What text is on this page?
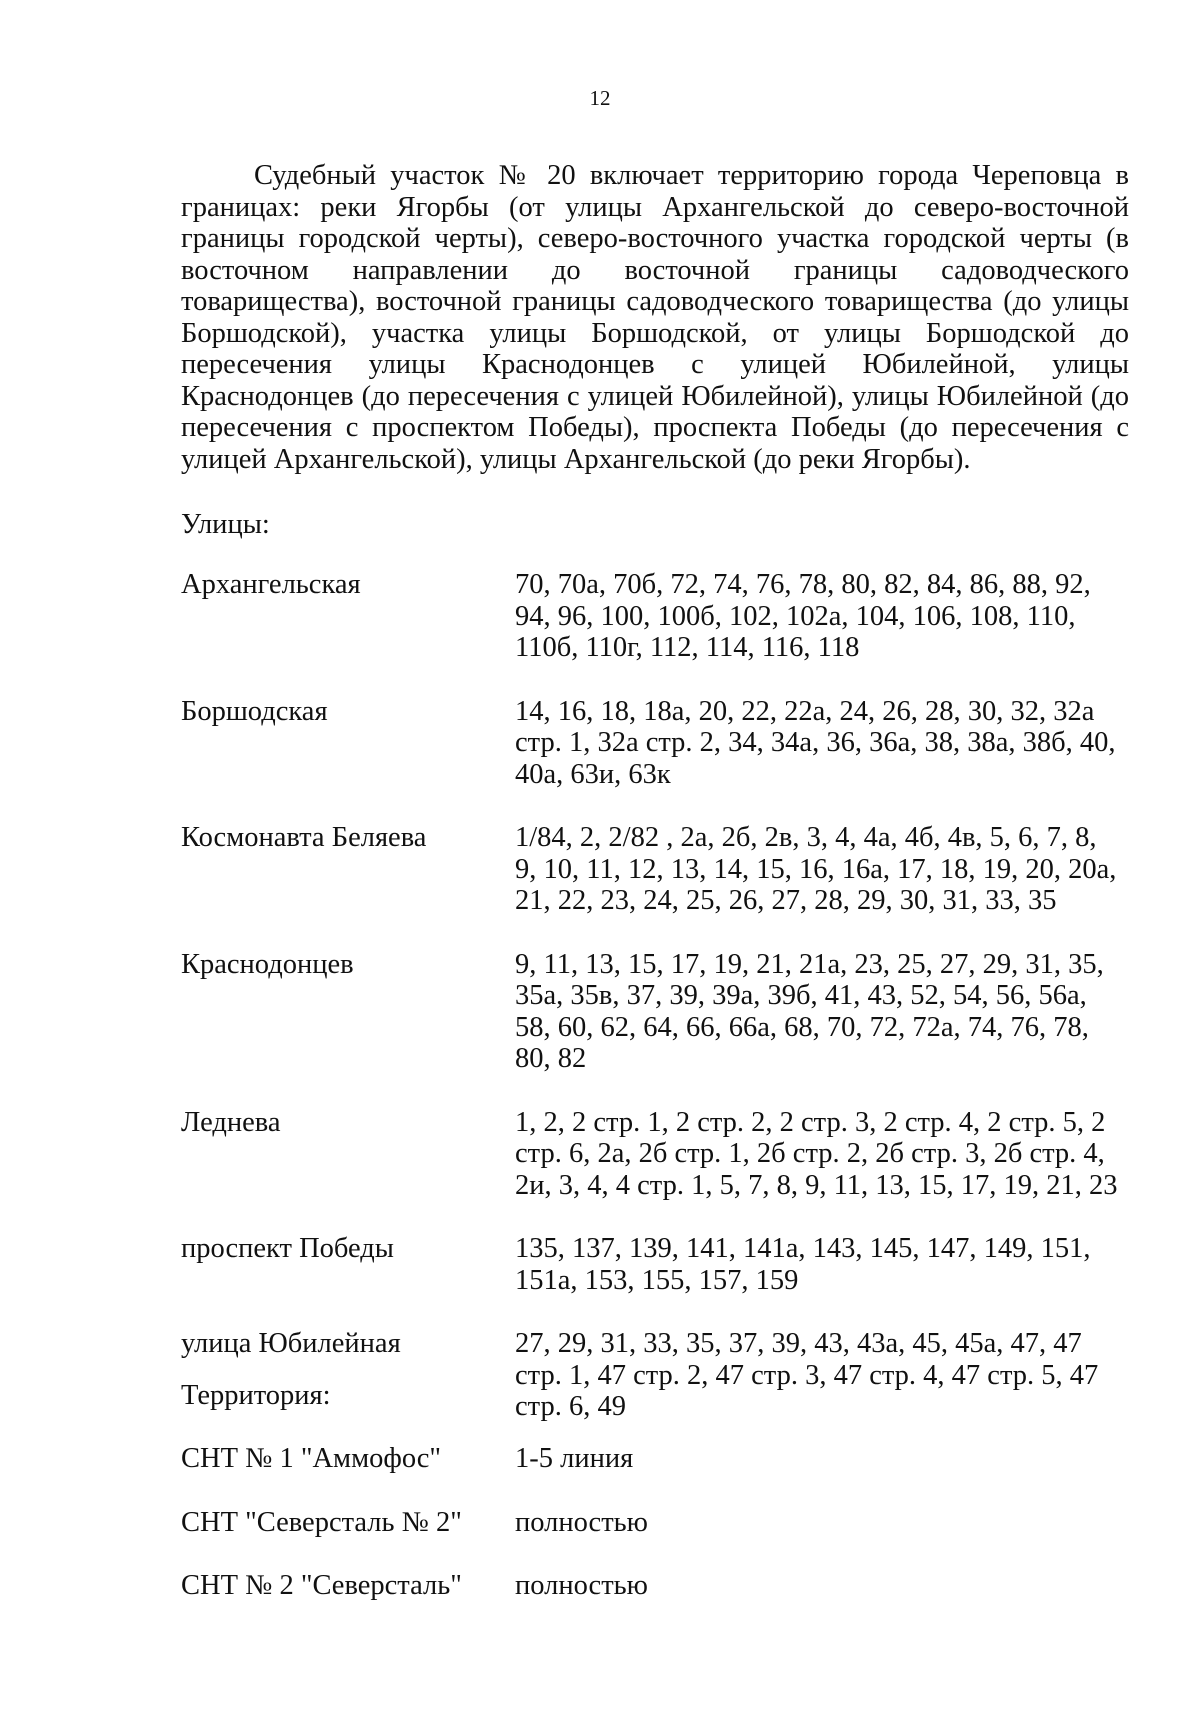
12

Судебный участок № 20 включает территорию города Череповца в границах: реки Ягорбы (от улицы Архангельской до северо-восточной границы городской черты), северо-восточного участка городской черты (в восточном направлении до восточной границы садоводческого товарищества), восточной границы садоводческого товарищества (до улицы Боршодской), участка улицы Боршодской, от улицы Боршодской до пересечения улицы Краснодонцев с улицей Юбилейной, улицы Краснодонцев (до пересечения с улицей Юбилейной), улицы Юбилейной (до пересечения с проспектом Победы), проспекта Победы (до пересечения с улицей Архангельской), улицы Архангельской (до реки Ягорбы).

Улицы:
Архангельская	70, 70а, 70б, 72, 74, 76, 78, 80, 82, 84, 86, 88, 92, 94, 96, 100, 100б, 102, 102а, 104, 106, 108, 110, 110б, 110г, 112, 114, 116, 118
Боршодская	14, 16, 18, 18а, 20, 22, 22а, 24, 26, 28, 30, 32, 32а стр. 1, 32а стр. 2, 34, 34а, 36, 36а, 38, 38а, 38б, 40, 40а, 63и, 63к
Космонавта Беляева	1/84, 2, 2/82 , 2а, 2б, 2в, 3, 4, 4а, 4б, 4в, 5, 6, 7, 8, 9, 10, 11, 12, 13, 14, 15, 16, 16а, 17, 18, 19, 20, 20а, 21, 22, 23, 24, 25, 26, 27, 28, 29, 30, 31, 33, 35
Краснодонцев	9, 11, 13, 15, 17, 19, 21, 21а, 23, 25, 27, 29, 31, 35, 35а, 35в, 37, 39, 39а, 39б, 41, 43, 52, 54, 56, 56а, 58, 60, 62, 64, 66, 66а, 68, 70, 72, 72а, 74, 76, 78, 80, 82
Леднева	1, 2, 2 стр. 1, 2 стр. 2, 2 стр. 3, 2 стр. 4, 2 стр. 5, 2 стр. 6, 2а, 2б стр. 1, 2б стр. 2, 2б стр. 3, 2б стр. 4, 2и, 3, 4, 4 стр. 1, 5, 7, 8, 9, 11, 13, 15, 17, 19, 21, 23
проспект Победы	135, 137, 139, 141, 141а, 143, 145, 147, 149, 151, 151а, 153, 155, 157, 159
улица Юбилейная	27, 29, 31, 33, 35, 37, 39, 43, 43а, 45, 45а, 47, 47 стр. 1, 47 стр. 2, 47 стр. 3, 47 стр. 4, 47 стр. 5, 47 стр. 6, 49
Территория:
СНТ № 1 "Аммофос"	1-5 линия
СНТ "Северсталь № 2"	полностью
СНТ № 2 "Северсталь"	полностью
